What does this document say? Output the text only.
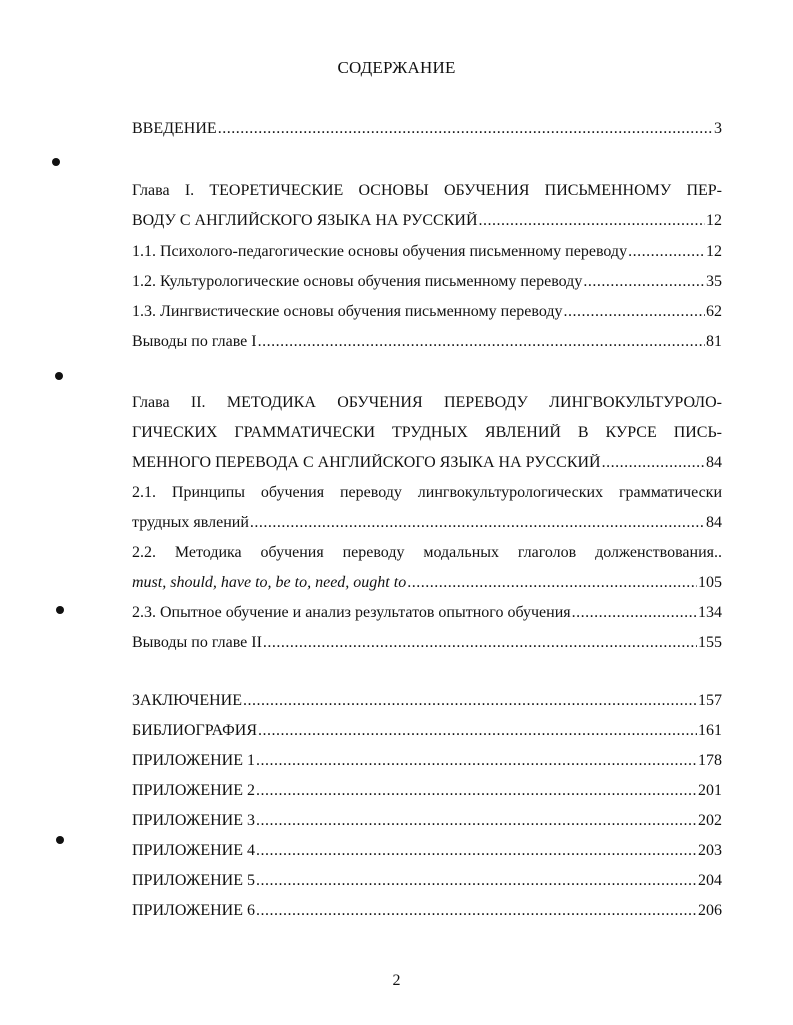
СОДЕРЖАНИЕ
ВВЕДЕНИЕ .....	3
Глава I. ТЕОРЕТИЧЕСКИЕ ОСНОВЫ ОБУЧЕНИЯ ПИСЬМЕННОМУ ПЕР-
ВОДУ С АНГЛИЙСКОГО ЯЗЫКА НА РУССКИЙ .....	12
1.1. Психолого-педагогические основы обучения письменному переводу .....	12
1.2. Культурологические основы обучения письменному переводу .....	35
1.3. Лингвистические основы обучения письменному переводу .....	62
Выводы по главе I .....	81
Глава II. МЕТОДИКА ОБУЧЕНИЯ ПЕРЕВОДУ ЛИНГВОКУЛЬТУРОЛО-
ГИЧЕСКИХ ГРАММАТИЧЕСКИ ТРУДНЫХ ЯВЛЕНИЙ В КУРСЕ ПИСЬ-
МЕННОГО ПЕРЕВОДА С АНГЛИЙСКОГО ЯЗЫКА НА РУССКИЙ .....	84
2.1. Принципы обучения переводу лингвокультурологических грамматически
трудных явлений .....	84
2.2. Методика обучения переводу модальных глаголов долженствования..
must, should, have to, be to, need, ought to .....	105
2.3. Опытное обучение и анализ результатов опытного обучения .....	134
Выводы по главе II .....	155
ЗАКЛЮЧЕНИЕ .....	157
БИБЛИОГРАФИЯ .....	161
ПРИЛОЖЕНИЕ 1 .....	178
ПРИЛОЖЕНИЕ 2 .....	201
ПРИЛОЖЕНИЕ 3 .....	202
ПРИЛОЖЕНИЕ 4 .....	203
ПРИЛОЖЕНИЕ 5 .....	204
ПРИЛОЖЕНИЕ 6 .....	206
2
